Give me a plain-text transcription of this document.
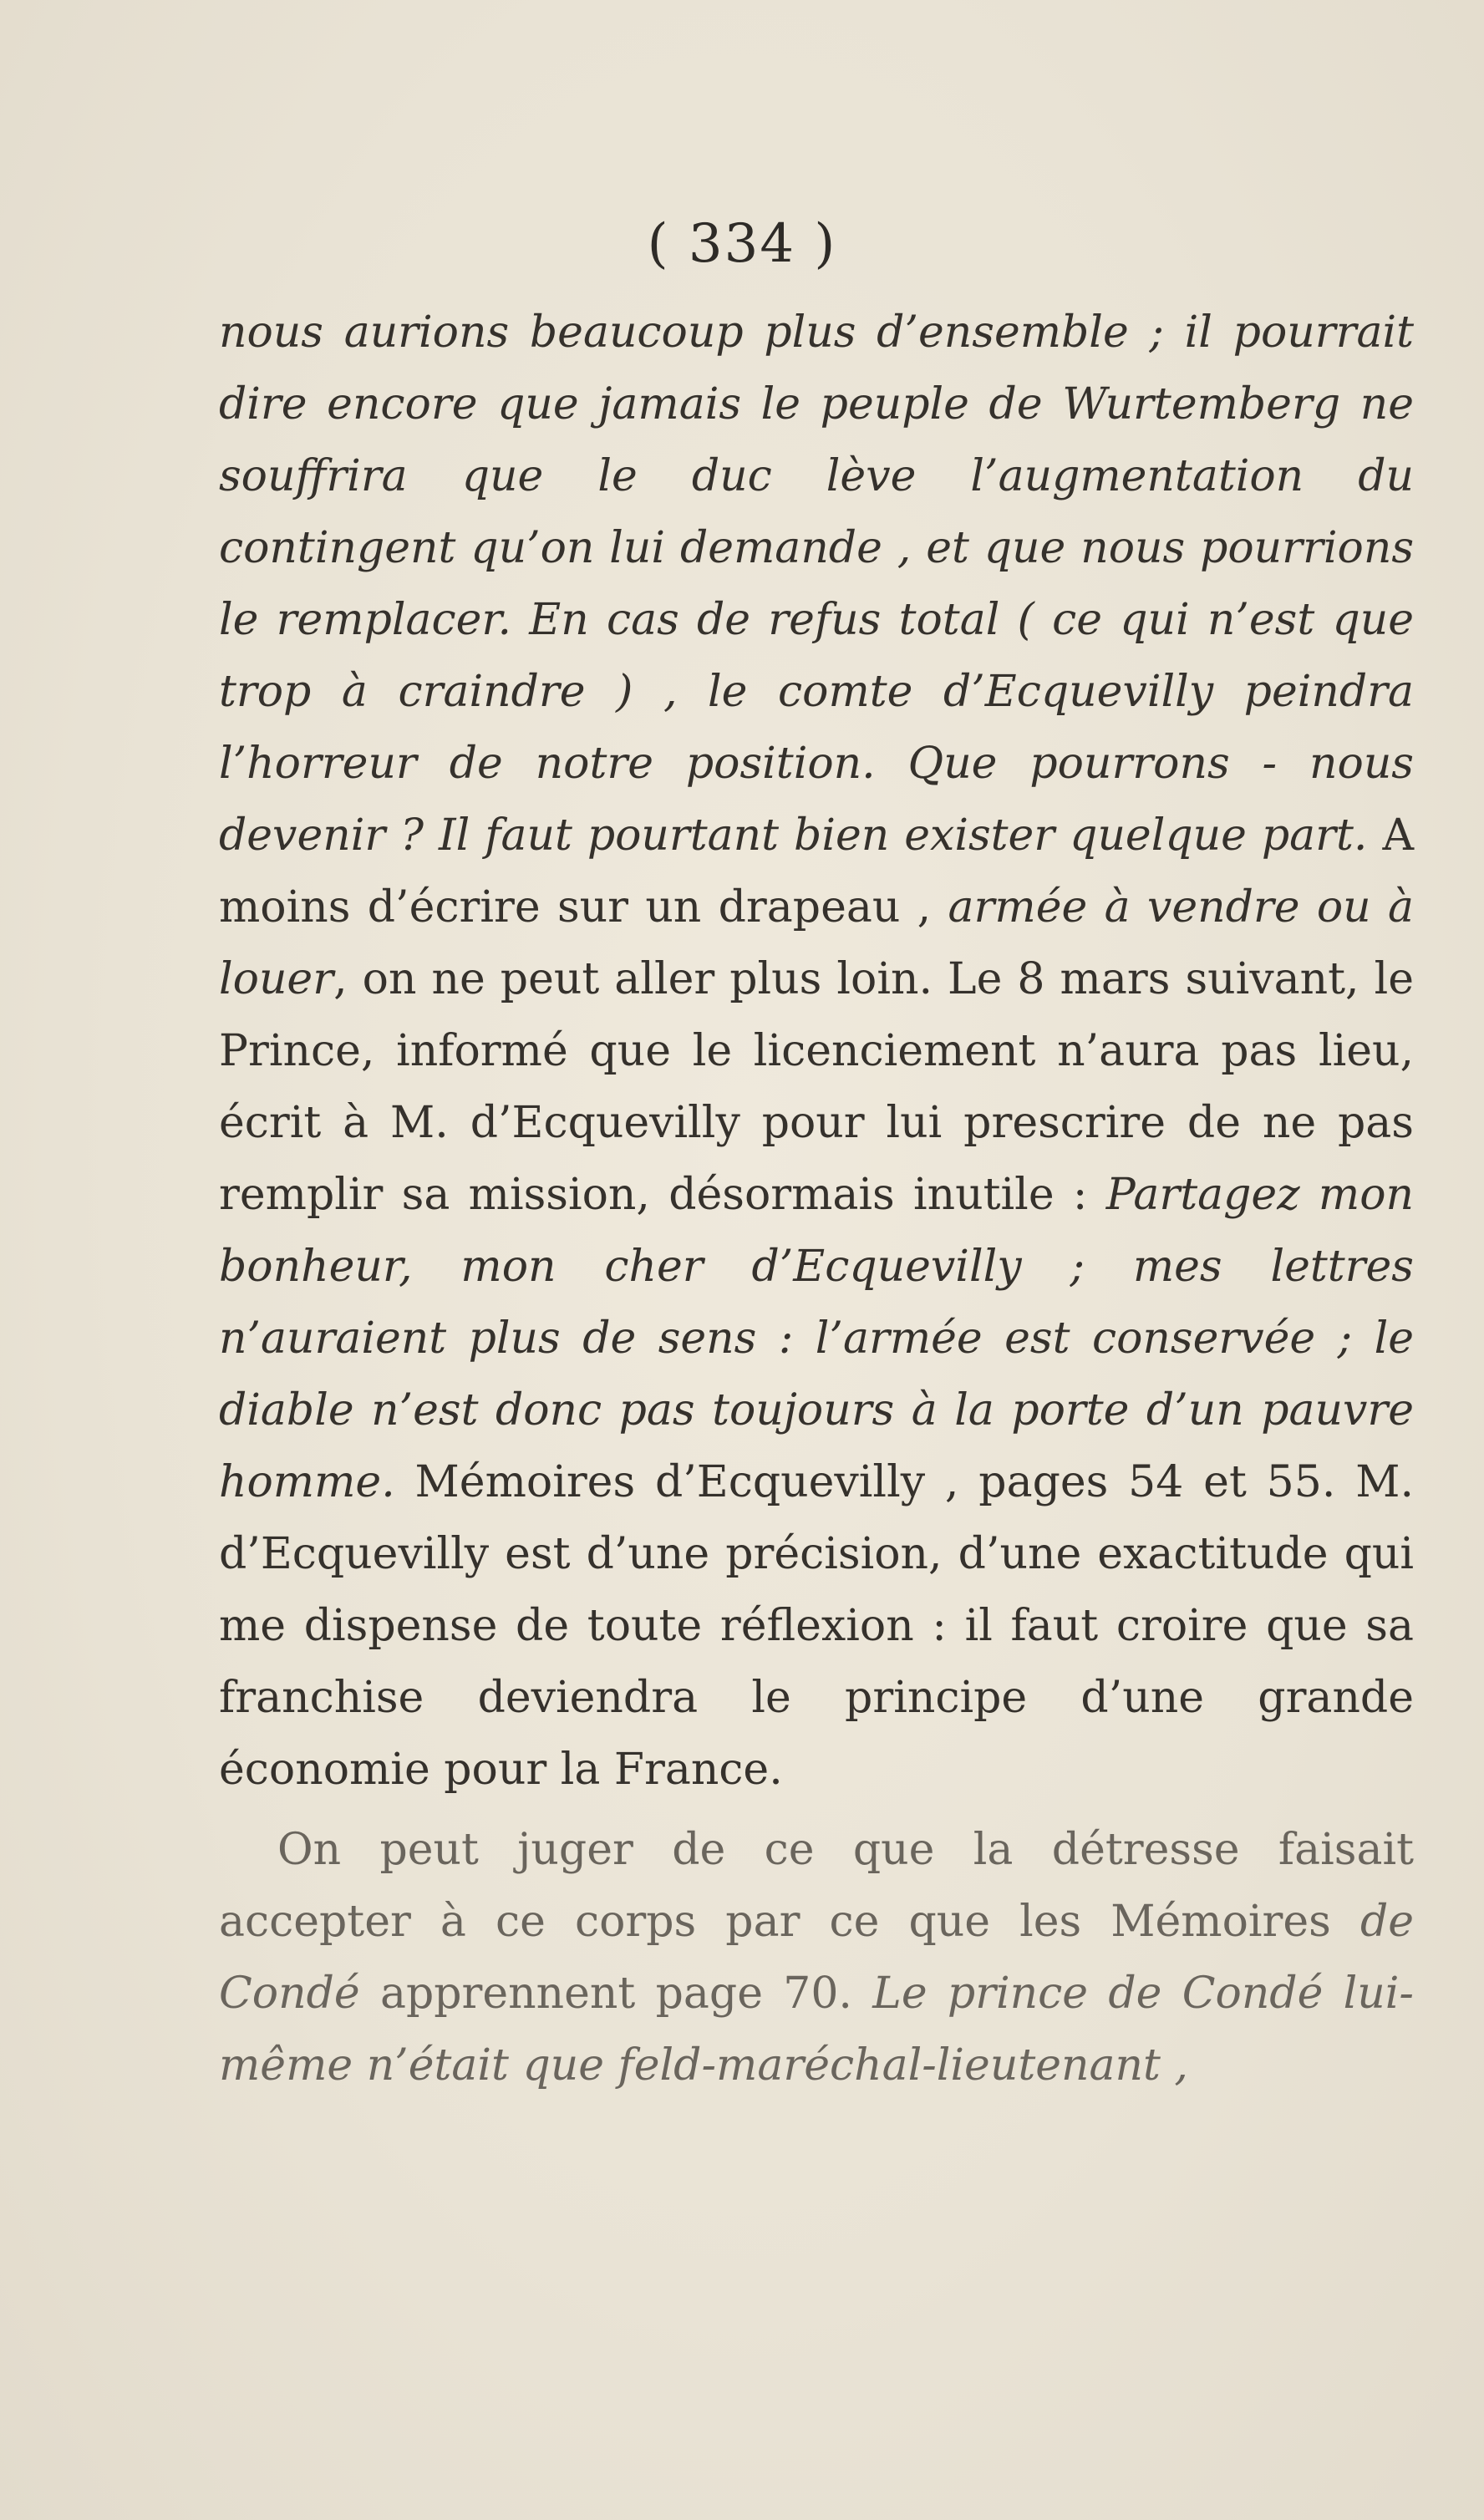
( 334 )

nous aurions beaucoup plus d’ensemble ; il pourrait dire encore que jamais le peuple de Wurtemberg ne souffrira que le duc lève l’augmentation du contingent qu’on lui demande , et que nous pourrions le remplacer. En cas de refus total ( ce qui n’est que trop à craindre ) , le comte d’Ecquevilly peindra l’horreur de notre position. Que pourrons - nous devenir ? Il faut pourtant bien exister quelque part. A moins d’écrire sur un drapeau , armée à vendre ou à louer, on ne peut aller plus loin. Le 8 mars suivant, le Prince, informé que le licenciement n’aura pas lieu, écrit à M. d’Ecquevilly pour lui prescrire de ne pas remplir sa mission, désormais inutile : Partagez mon bonheur, mon cher d’Ecquevilly ; mes lettres n’auraient plus de sens : l’armée est conservée ; le diable n’est donc pas toujours à la porte d’un pauvre homme. Mémoires d’Ecquevilly , pages 54 et 55. M. d’Ecquevilly est d’une précision, d’une exactitude qui me dispense de toute réflexion : il faut croire que sa franchise deviendra le principe d’une grande économie pour la France.

On peut juger de ce que la détresse faisait accepter à ce corps par ce que les Mémoires de Condé apprennent page 70. Le prince de Condé lui-même n’était que feld-maréchal-lieutenant ,
